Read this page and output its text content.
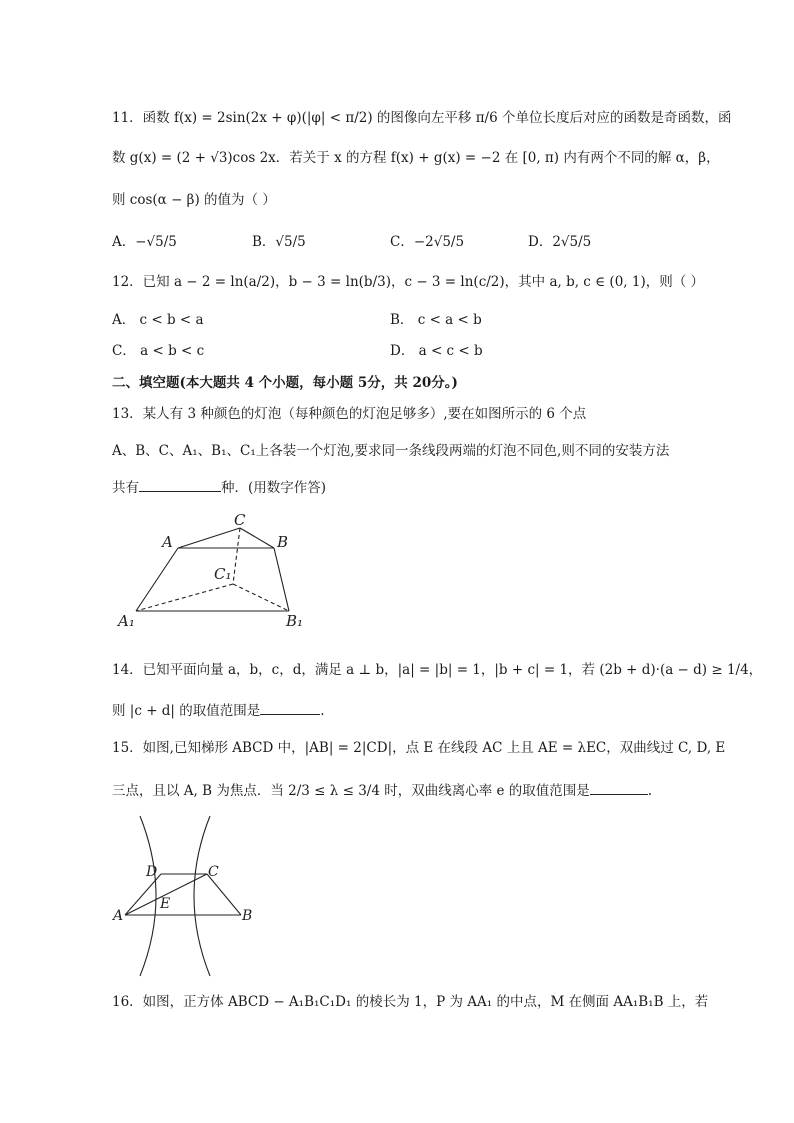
11．函数 f(x) = 2sin(2x + φ)(|φ| < π/2) 的图像向左平移 π/6 个单位长度后对应的函数是奇函数，函
数 g(x) = (2 + √3)cos 2x．若关于 x 的方程 f(x) + g(x) = −2 在 [0, π) 内有两个不同的解 α，β，
则 cos(α − β) 的值为（ ）
A．−√5/5	B．√5/5	C．−2√5/5	D．2√5/5
12．已知 a − 2 = ln(a/2)，b − 3 = ln(b/3)，c − 3 = ln(c/2)，其中 a, b, c ∈ (0, 1)，则（ ）
A． c < b < a	B． c < a < b
C． a < b < c	D． a < c < b
二、填空题(本大题共 4 个小题，每小题 5分，共 20分。)
13．某人有 3 种颜色的灯泡（每种颜色的灯泡足够多）,要在如图所示的 6 个点
A、B、C、A₁、B₁、C₁上各装一个灯泡,要求同一条线段两端的灯泡不同色,则不同的安装方法
共有	种．(用数字作答)
A
C
B
C₁
A₁	B₁
14．已知平面向量 a，b，c，d，满足 a ⊥ b，|a| = |b| = 1，|b + c| = 1，若 (2b + d)·(a − d) ≥ 1/4，
则 |c + d| 的取值范围是	.
15．如图,已知梯形 ABCD 中，|AB| = 2|CD|，点 E 在线段 AC 上且 AE = λEC，双曲线过 C, D, E
三点，且以 A, B 为焦点．当 2/3 ≤ λ ≤ 3/4 时，双曲线离心率 e 的取值范围是	.
D	C
A
E
B
16．如图，正方体 ABCD − A₁B₁C₁D₁ 的棱长为 1，P 为 AA₁ 的中点，M 在侧面 AA₁B₁B 上，若
